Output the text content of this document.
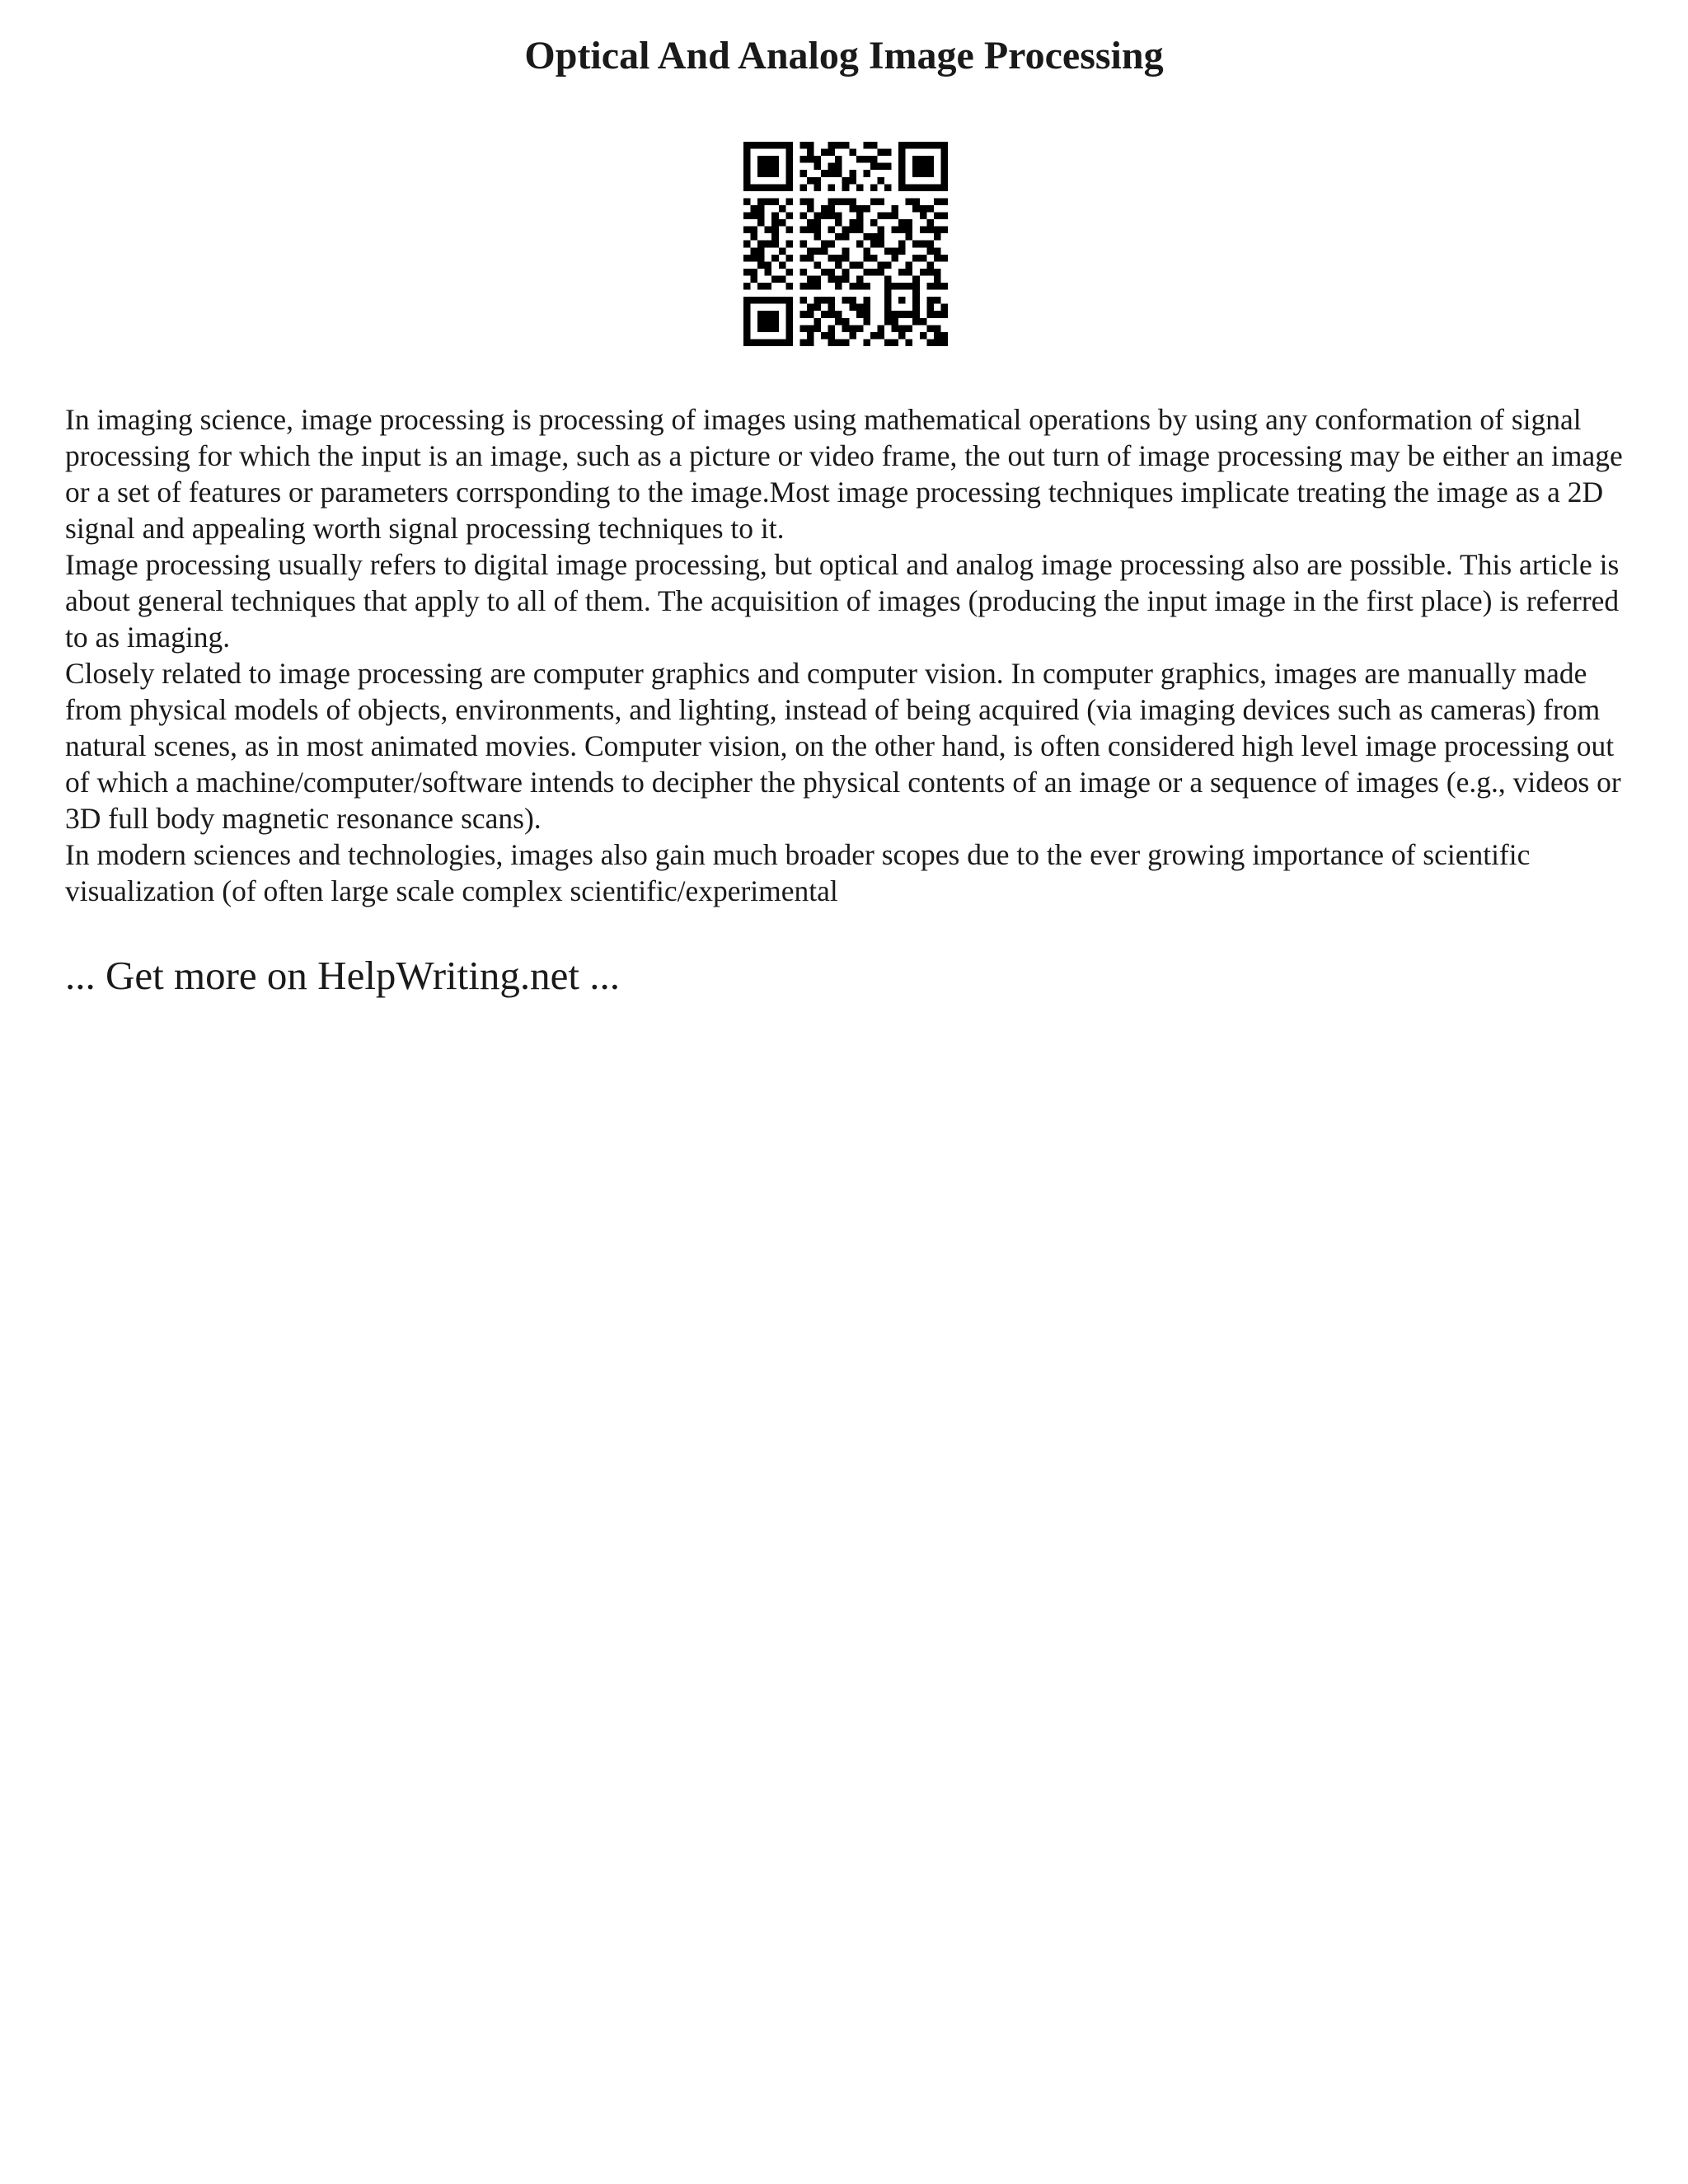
Optical And Analog Image Processing

In imaging science, image processing is processing of images using mathematical operations by using any conformation of signal processing for which the input is an image, such as a picture or video frame, the out turn of image processing may be either an image or a set of features or parameters corrsponding to the image.Most image processing techniques implicate treating the image as a 2D signal and appealing worth signal processing techniques to it.

Image processing usually refers to digital image processing, but optical and analog image processing also are possible. This article is about general techniques that apply to all of them. The acquisition of images (producing the input image in the first place) is referred to as imaging.

Closely related to image processing are computer graphics and computer vision. In computer graphics, images are manually made from physical models of objects, environments, and lighting, instead of being acquired (via imaging devices such as cameras) from natural scenes, as in most animated movies. Computer vision, on the other hand, is often considered high level image processing out of which a machine/computer/software intends to decipher the physical contents of an image or a sequence of images (e.g., videos or 3D full body magnetic resonance scans).

In modern sciences and technologies, images also gain much broader scopes due to the ever growing importance of scientific visualization (of often large scale complex scientific/experimental

... Get more on HelpWriting.net ...
